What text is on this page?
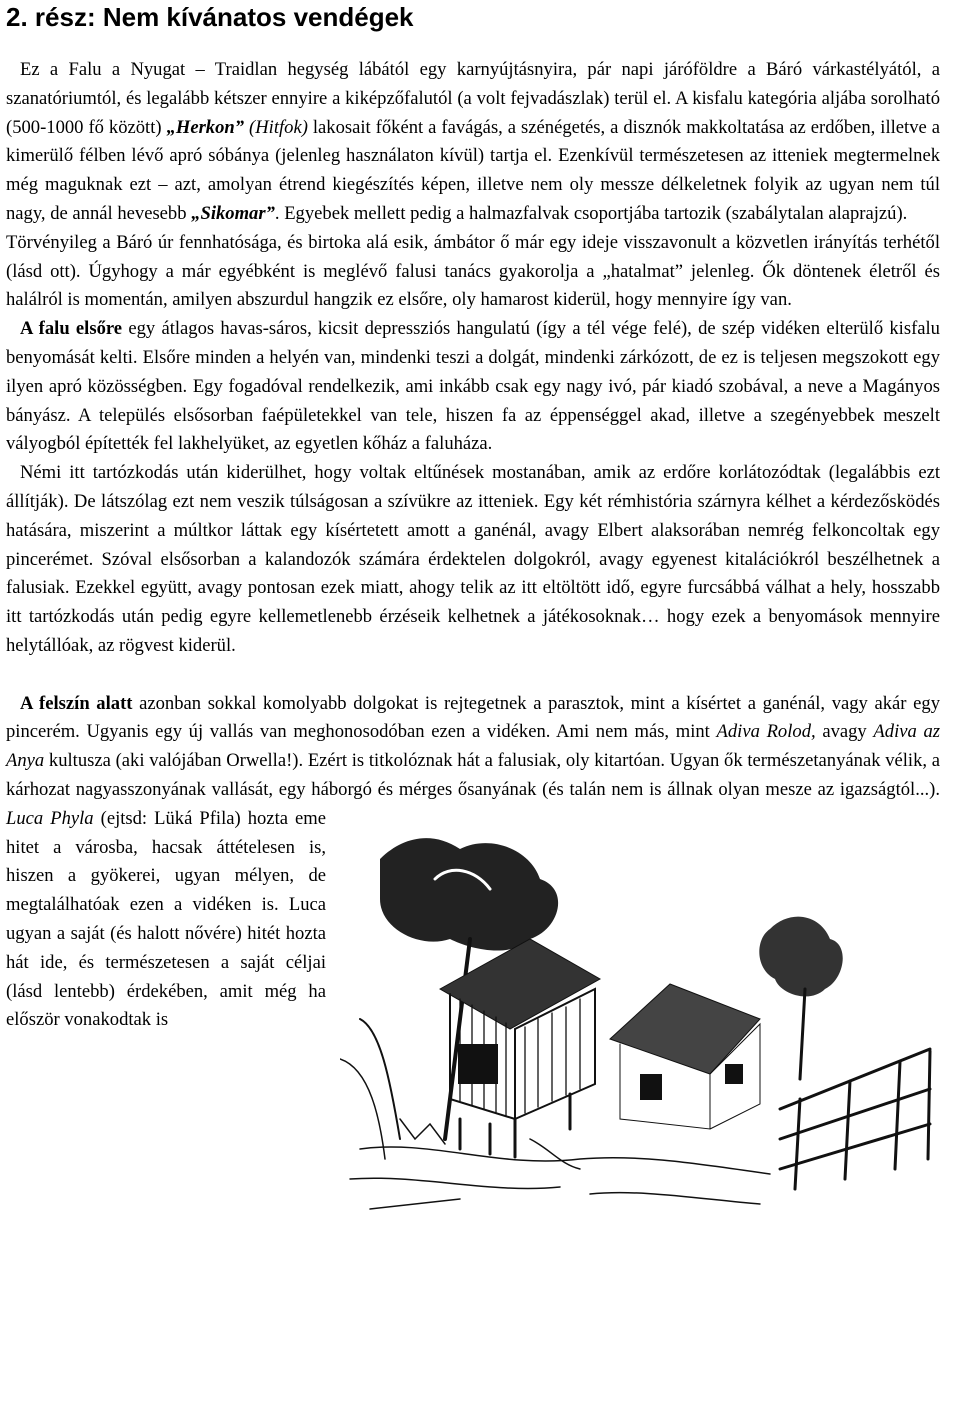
2. rész: Nem kívánatos vendégek

Ez a Falu a Nyugat – Traidlan hegység lábától egy karnyújtásnyira, pár napi járóföldre a Báró várkastélyától, a szanatóriumtól, és legalább kétszer ennyire a kiképzőfalutól (a volt fejvadászlak) terül el. A kisfalu kategória aljába sorolható (500-1000 fő között) „Herkon” (Hitfok) lakosait főként a favágás, a szénégetés, a disznók makkoltatása az erdőben, illetve a kimerülő félben lévő apró sóbánya (jelenleg használaton kívül) tartja el. Ezenkívül természetesen az itteniek megtermelnek még maguknak ezt – azt, amolyan étrend kiegészítés képen, illetve nem oly messze délkeletnek folyik az ugyan nem túl nagy, de annál hevesebb „Sikomar”. Egyebek mellett pedig a halmazfalvak csoportjába tartozik (szabálytalan alaprajzú).

Törvényileg a Báró úr fennhatósága, és birtoka alá esik, ámbátor ő már egy ideje visszavonult a közvetlen irányítás terhétől (lásd ott). Úgyhogy a már egyébként is meglévő falusi tanács gyakorolja a „hatalmat” jelenleg. Ők döntenek életről és halálról is momentán, amilyen abszurdul hangzik ez elsőre, oly hamarost kiderül, hogy mennyire így van.

A falu elsőre egy átlagos havas-sáros, kicsit depressziós hangulatú (így a tél vége felé), de szép vidéken elterülő kisfalu benyomását kelti. Elsőre minden a helyén van, mindenki teszi a dolgát, mindenki zárkózott, de ez is teljesen megszokott egy ilyen apró közösségben. Egy fogadóval rendelkezik, ami inkább csak egy nagy ivó, pár kiadó szobával, a neve a Magányos bányász. A település elsősorban faépületekkel van tele, hiszen fa az éppenséggel akad, illetve a szegényebbek meszelt vályogból építették fel lakhelyüket, az egyetlen kőház a faluháza.

Némi itt tartózkodás után kiderülhet, hogy voltak eltűnések mostanában, amik az erdőre korlátozódtak (legalábbis ezt állítják). De látszólag ezt nem veszik túlságosan a szívükre az itteniek. Egy két rémhistória szárnyra kélhet a kérdezősködés hatására, miszerint a múltkor láttak egy kísértetett amott a ganénál, avagy Elbert alaksorában nemrég felkoncoltak egy pincerémet. Szóval elsősorban a kalandozók számára érdektelen dolgokról, avagy egyenest kitalációkról beszélhetnek a falusiak. Ezekkel együtt, avagy pontosan ezek miatt, ahogy telik az itt eltöltött idő, egyre furcsábbá válhat a hely, hosszabb itt tartózkodás után pedig egyre kellemetlenebb érzéseik kelhetnek a játékosoknak… hogy ezek a benyomások mennyire helytállóak, az rögvest kiderül.

A felszín alatt azonban sokkal komolyabb dolgokat is rejtegetnek a parasztok, mint a kísértet a ganénál, vagy akár egy pincerém. Ugyanis egy új vallás van meghonosodóban ezen a vidéken. Ami nem más, mint Adiva Rolod, avagy Adiva az Anya kultusza (aki valójában Orwella!). Ezért is titkolóznak hát a falusiak, oly kitartóan. Ugyan ők természetanyának vélik, a kárhozat nagyasszonyának vallását, egy háborgó és mérges ősanyának (és talán nem is állnak olyan mesze az igazságtól...).
Luca Phyla (ejtsd: Lüká Pfila) hozta eme hitet a városba, hacsak áttételesen is, hiszen a gyökerei, ugyan mélyen, de megtalálhatóak ezen a vidéken is. Luca ugyan a saját (és halott nővére) hitét hozta hát ide, és természetesen a saját céljai (lásd lentebb) érdekében, amit még ha először vonakodtak is
